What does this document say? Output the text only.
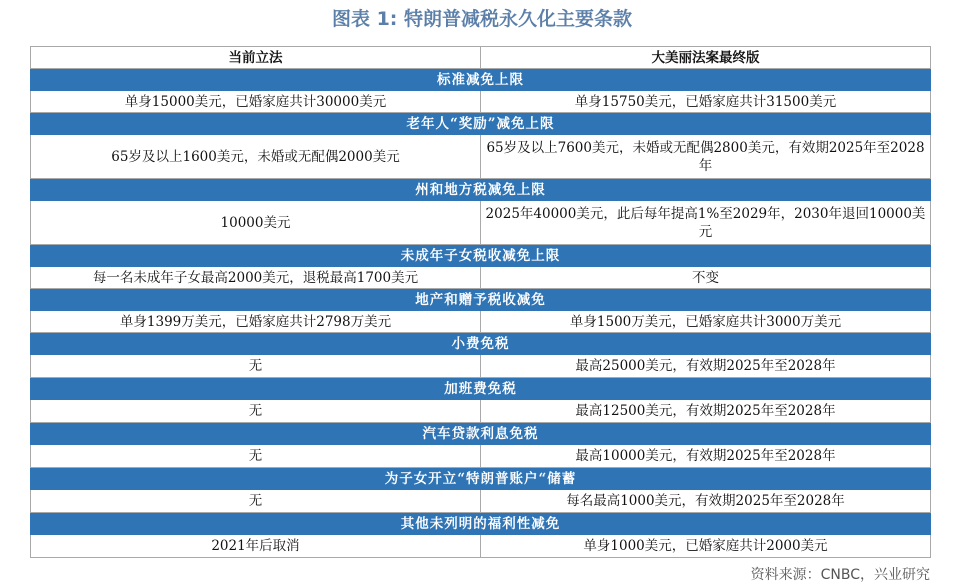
图表 1: 特朗普减税永久化主要条款
当前立法	大美丽法案最终版
标准减免上限	
单身15000美元，已婚家庭共计30000美元	单身15750美元，已婚家庭共计31500美元
老年人“奖励”减免上限	
65岁及以上1600美元，未婚或无配偶2000美元	65岁及以上7600美元，未婚或无配偶2800美元，有效期2025年至2028年
州和地方税减免上限	
10000美元	2025年40000美元，此后每年提高1%至2029年，2030年退回10000美元
未成年子女税收减免上限	
每一名未成年子女最高2000美元，退税最高1700美元	不变
地产和赠予税收减免	
单身1399万美元，已婚家庭共计2798万美元	单身1500万美元，已婚家庭共计3000万美元
小费免税	
无	最高25000美元，有效期2025年至2028年
加班费免税	
无	最高12500美元，有效期2025年至2028年
汽车贷款利息免税	
无	最高10000美元，有效期2025年至2028年
为子女开立“特朗普账户“储蓄	
无	每名最高1000美元，有效期2025年至2028年
其他未列明的福利性减免	
2021年后取消	单身1000美元，已婚家庭共计2000美元
资料来源：CNBC，兴业研究
